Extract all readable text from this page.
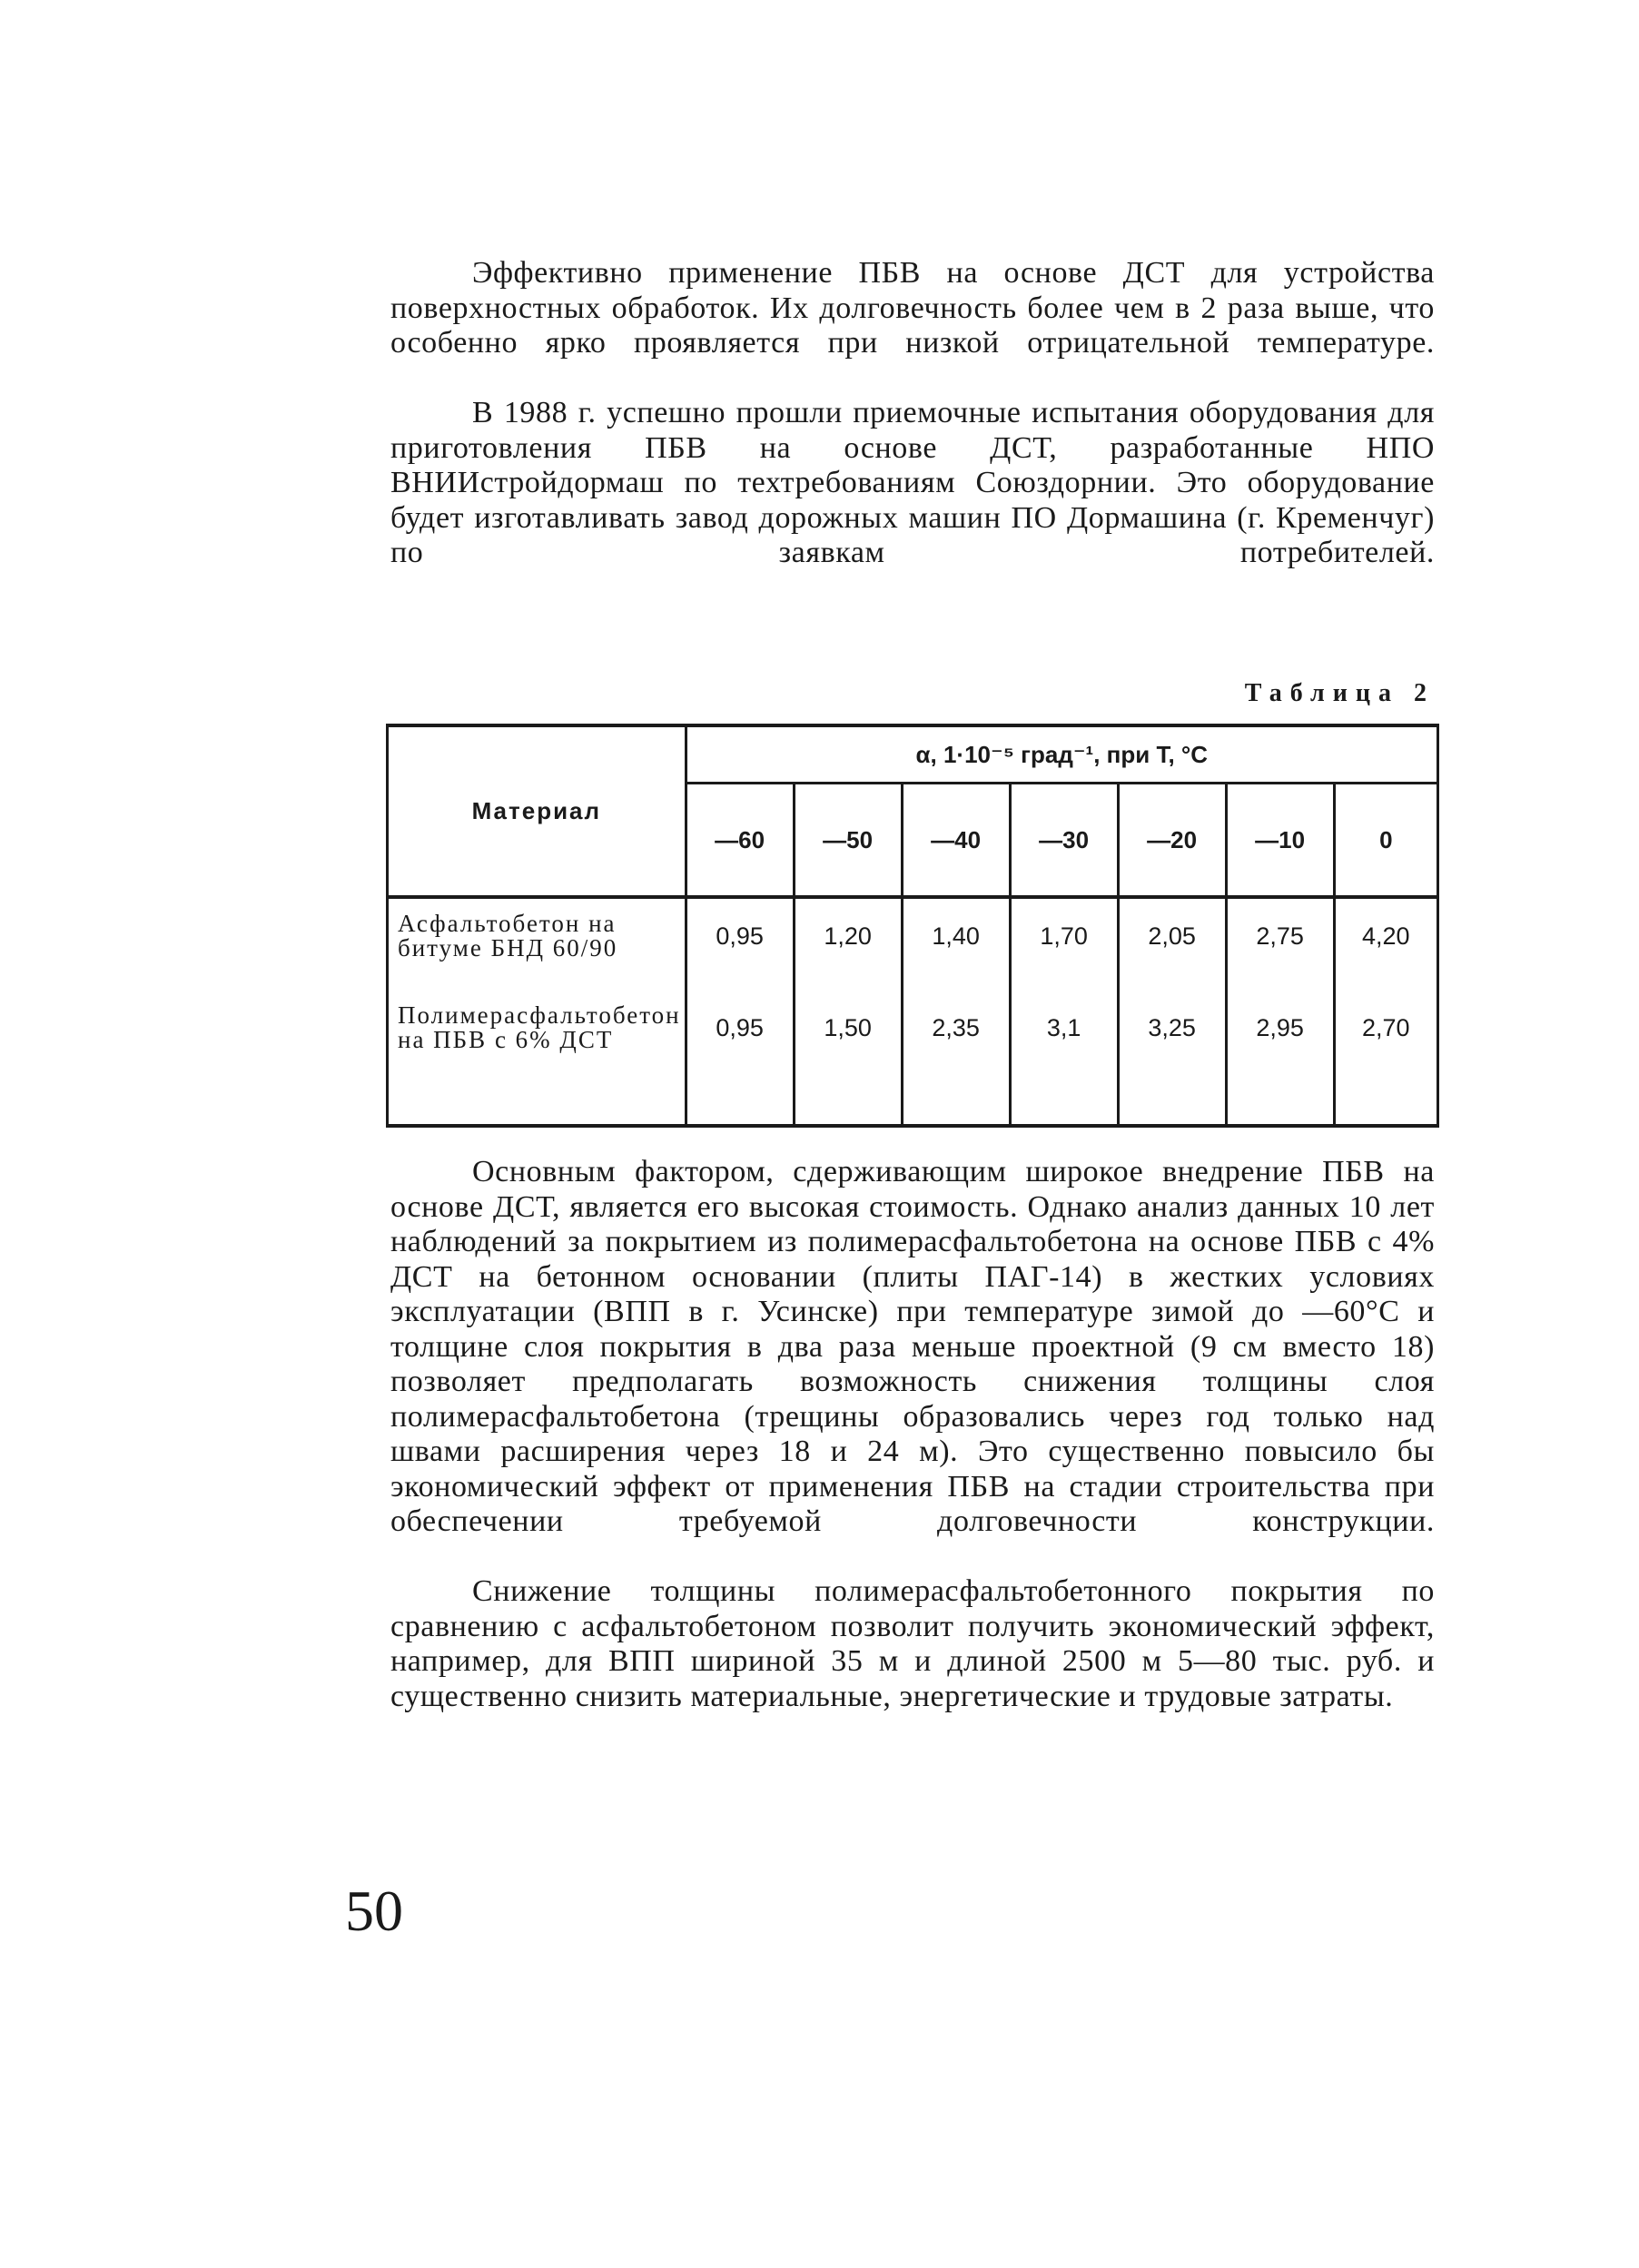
Эффективно применение ПБВ на основе ДСТ для устройства поверхностных обработок. Их долговечность более чем в 2 раза выше, что особенно ярко проявляется при низкой отрицательной температуре.

В 1988 г. успешно прошли приемочные испытания оборудования для приготовления ПБВ на основе ДСТ, разработанные НПО ВНИИстройдормаш по техтребованиям Союздорнии. Это оборудование будет изготавливать завод дорожных машин ПО Дормашина (г. Кременчуг) по заявкам потребителей.

Таблица 2
Материал	α, 1·10⁻⁵ град⁻¹, при T, °C						
	—60	—50	—40	—30	—20	—10	0
Асфальтобетон на битуме БНД 60/90	0,95	1,20	1,40	1,70	2,05	2,75	4,20
Полимерасфальтобетон на ПБВ с 6% ДСТ	0,95	1,50	2,35	3,1	3,25	2,95	2,70

Основным фактором, сдерживающим широкое внедрение ПБВ на основе ДСТ, является его высокая стоимость. Однако анализ данных 10 лет наблюдений за покрытием из полимерасфальтобетона на основе ПБВ с 4% ДСТ на бетонном основании (плиты ПАГ-14) в жестких условиях эксплуатации (ВПП в г. Усинске) при температуре зимой до —60°С и толщине слоя покрытия в два раза меньше проектной (9 см вместо 18) позволяет предполагать возможность снижения толщины слоя полимерасфальтобетона (трещины образовались через год только над швами расширения через 18 и 24 м). Это существенно повысило бы экономический эффект от применения ПБВ на стадии строительства при обеспечении требуемой долговечности конструкции.

Снижение толщины полимерасфальтобетонного покрытия по сравнению с асфальтобетоном позволит получить экономический эффект, например, для ВПП шириной 35 м и длиной 2500 м 5—80 тыс. руб. и существенно снизить материальные, энергетические и трудовые затраты.

50
